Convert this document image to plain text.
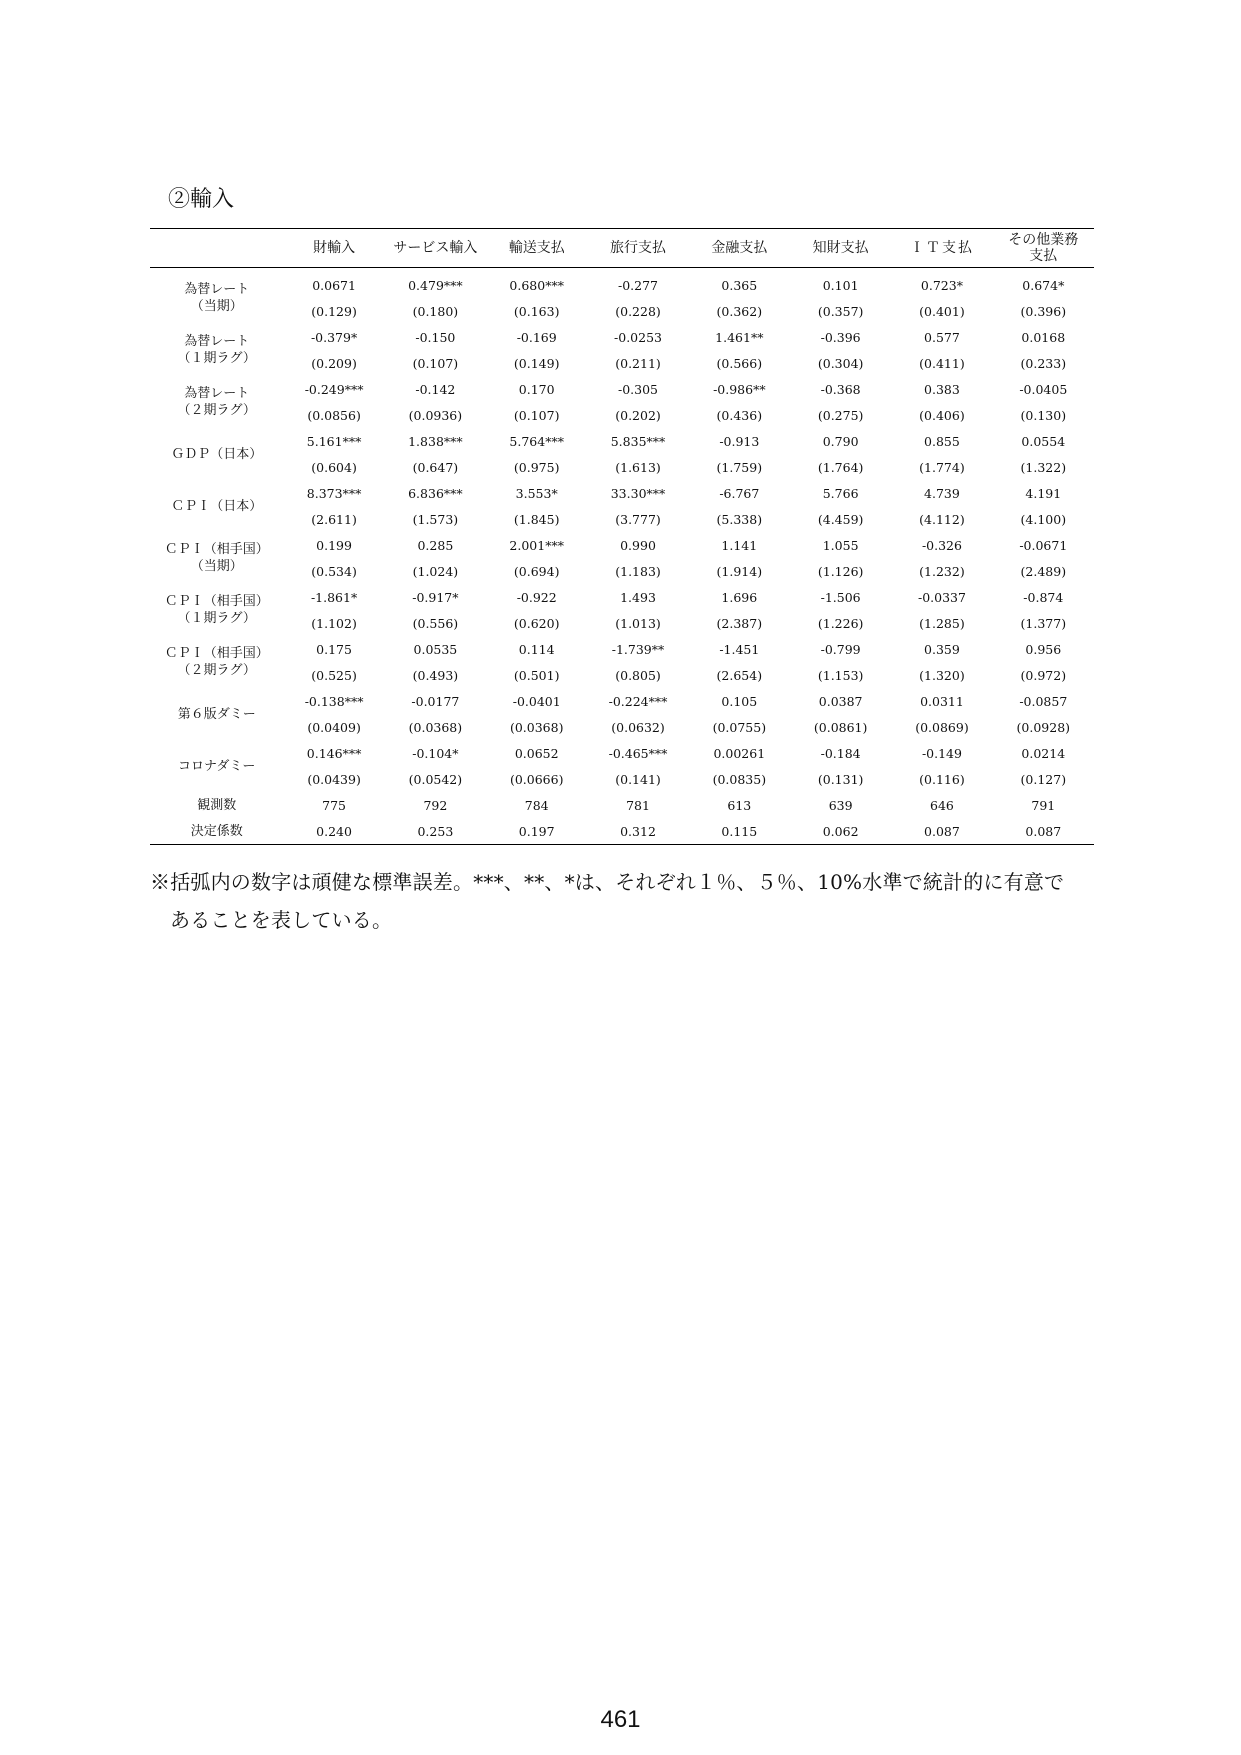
②輸入
	財輸入	サービス輸入	輸送支払	旅行支払	金融支払	知財支払	ＩＴ支払	その他業務
支払
為替レート
（当期）	0.0671	0.479***	0.680***	-0.277	0.365	0.101	0.723*	0.674*
	(0.129)	(0.180)	(0.163)	(0.228)	(0.362)	(0.357)	(0.401)	(0.396)
為替レート
（１期ラグ）	-0.379*	-0.150	-0.169	-0.0253	1.461**	-0.396	0.577	0.0168
	(0.209)	(0.107)	(0.149)	(0.211)	(0.566)	(0.304)	(0.411)	(0.233)
為替レート
（２期ラグ）	-0.249***	-0.142	0.170	-0.305	-0.986**	-0.368	0.383	-0.0405
	(0.0856)	(0.0936)	(0.107)	(0.202)	(0.436)	(0.275)	(0.406)	(0.130)
ＧＤＰ（日本）	5.161***	1.838***	5.764***	5.835***	-0.913	0.790	0.855	0.0554
	(0.604)	(0.647)	(0.975)	(1.613)	(1.759)	(1.764)	(1.774)	(1.322)
ＣＰＩ（日本）	8.373***	6.836***	3.553*	33.30***	-6.767	5.766	4.739	4.191
	(2.611)	(1.573)	(1.845)	(3.777)	(5.338)	(4.459)	(4.112)	(4.100)
ＣＰＩ（相手国）
（当期）	0.199	0.285	2.001***	0.990	1.141	1.055	-0.326	-0.0671
	(0.534)	(1.024)	(0.694)	(1.183)	(1.914)	(1.126)	(1.232)	(2.489)
ＣＰＩ（相手国）
（１期ラグ）	-1.861*	-0.917*	-0.922	1.493	1.696	-1.506	-0.0337	-0.874
	(1.102)	(0.556)	(0.620)	(1.013)	(2.387)	(1.226)	(1.285)	(1.377)
ＣＰＩ（相手国）
（２期ラグ）	0.175	0.0535	0.114	-1.739**	-1.451	-0.799	0.359	0.956
	(0.525)	(0.493)	(0.501)	(0.805)	(2.654)	(1.153)	(1.320)	(0.972)
第６版ダミー	-0.138***	-0.0177	-0.0401	-0.224***	0.105	0.0387	0.0311	-0.0857
	(0.0409)	(0.0368)	(0.0368)	(0.0632)	(0.0755)	(0.0861)	(0.0869)	(0.0928)
コロナダミー	0.146***	-0.104*	0.0652	-0.465***	0.00261	-0.184	-0.149	0.0214
	(0.0439)	(0.0542)	(0.0666)	(0.141)	(0.0835)	(0.131)	(0.116)	(0.127)
観測数	775	792	784	781	613	639	646	791
決定係数	0.240	0.253	0.197	0.312	0.115	0.062	0.087	0.087
※括弧内の数字は頑健な標準誤差。***、**、*は、それぞれ１％、５％、10%水準で統計的に有意で
あることを表している。
461
